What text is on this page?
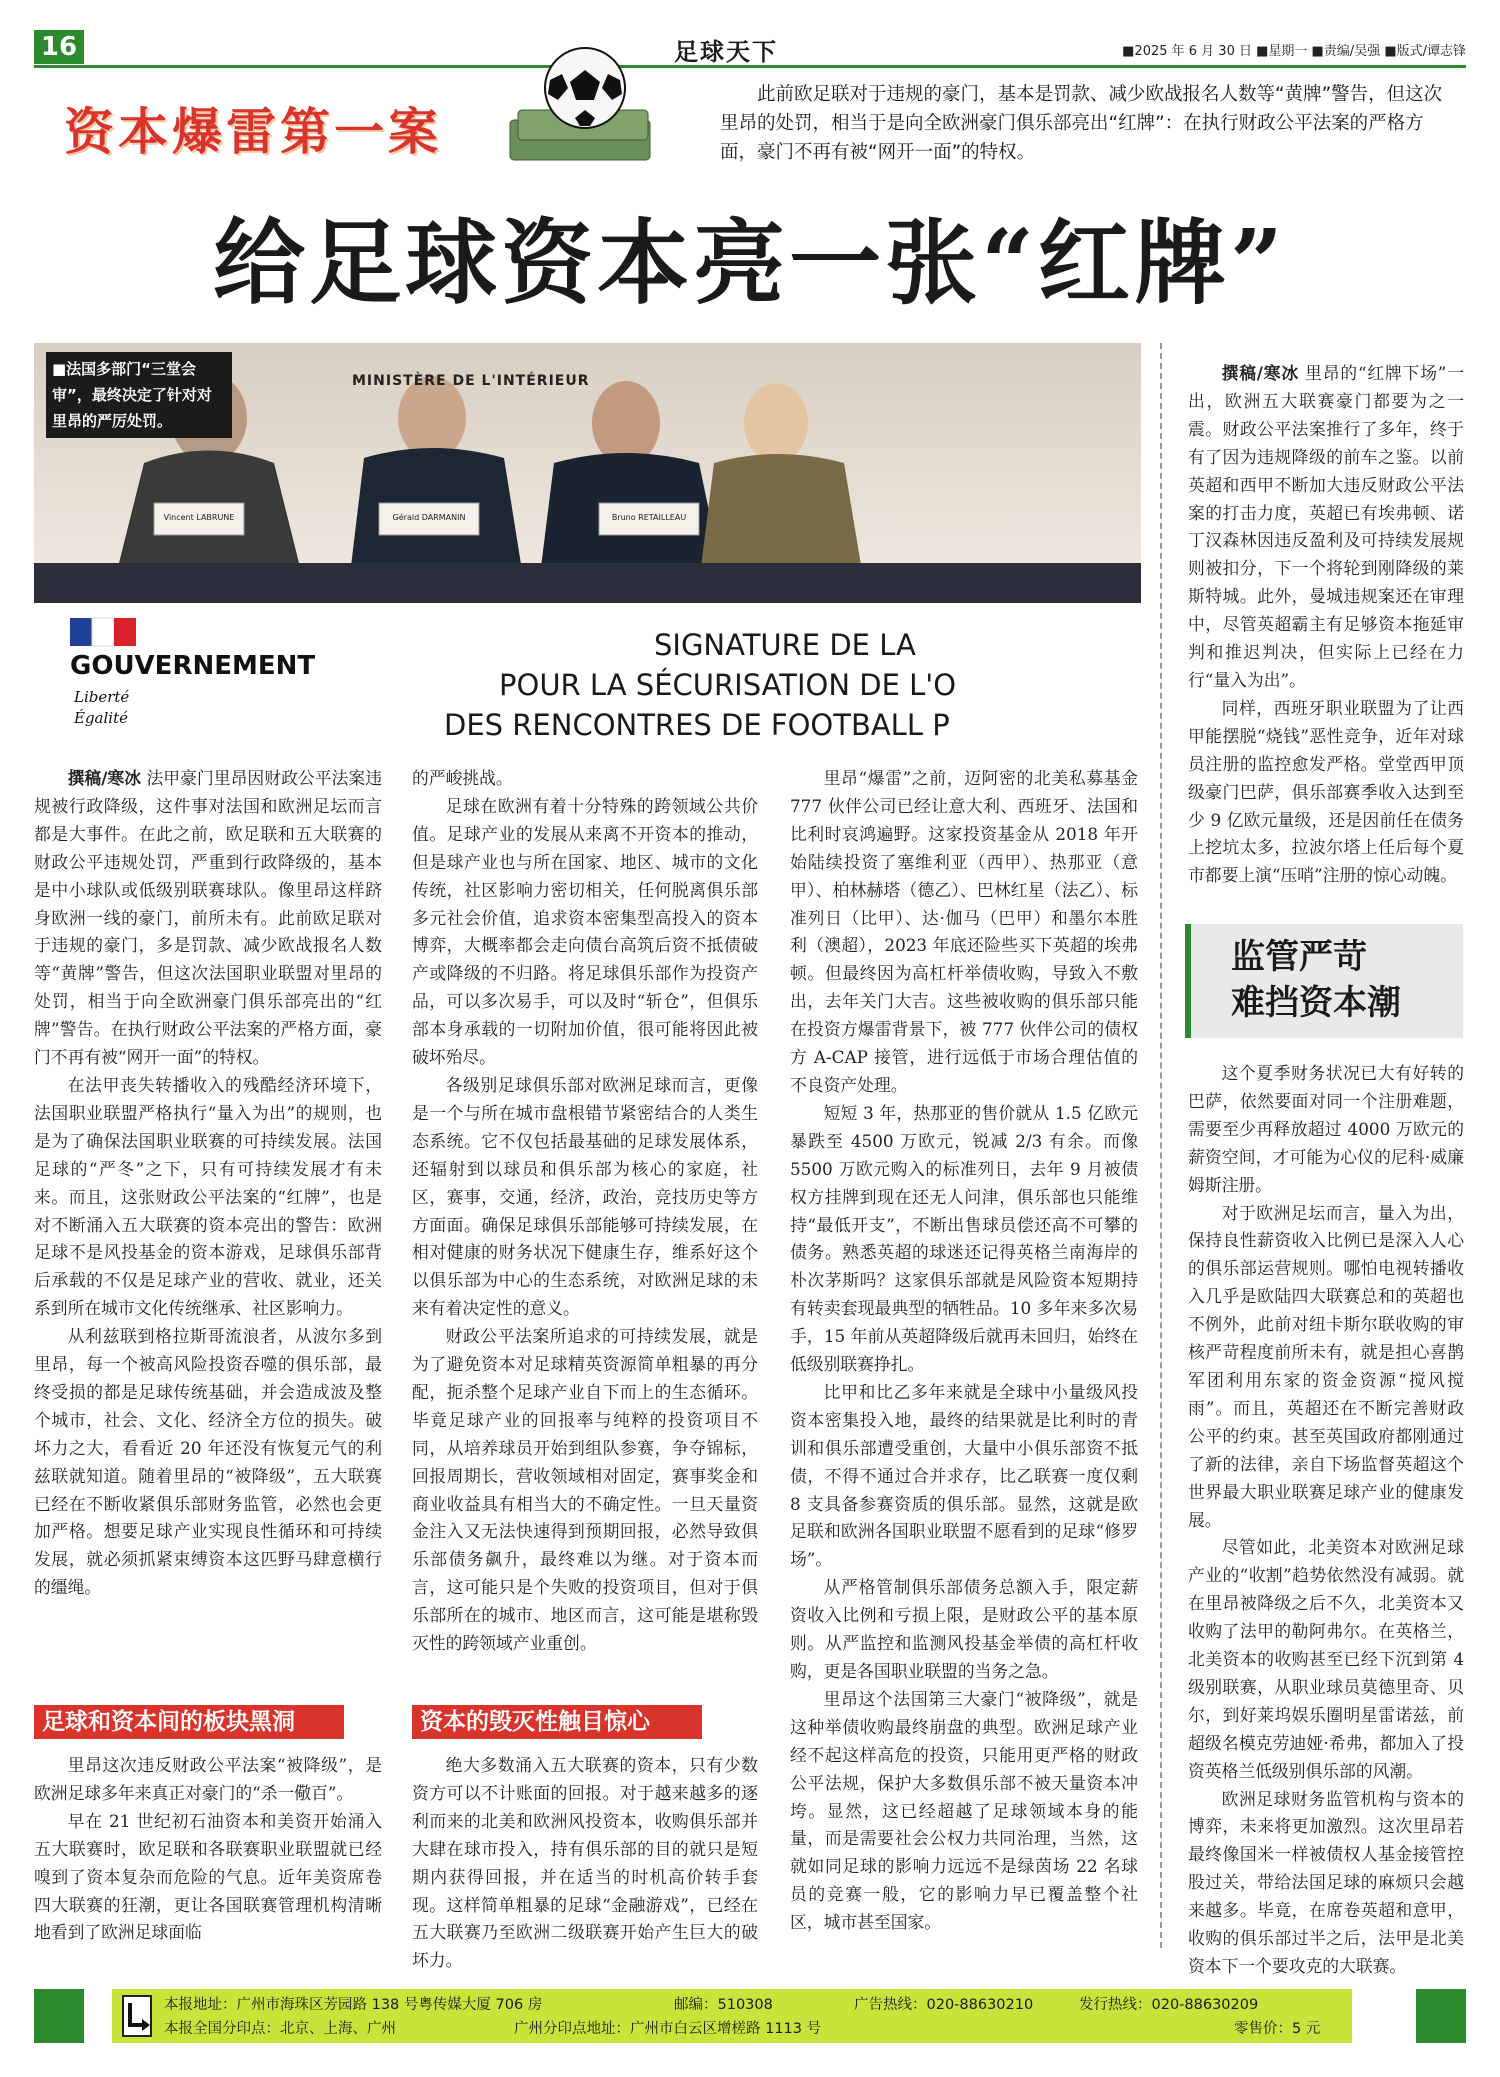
16	足球天下	■2025 年 6 月 30 日 ■星期一 ■责编/吴强 ■版式/谭志锋
资本爆雷第一案
此前欧足联对于违规的豪门，基本是罚款、减少欧战报名人数等“黄牌”警告，但这次里昂的处罚，相当于是向全欧洲豪门俱乐部亮出“红牌”：在执行财政公平法案的严格方面，豪门不再有被“网开一面”的特权。
给足球资本亮一张“红牌”
MINISTÈRE DE L'INTÉRIEUR
Vincent LABRUNE	Gérald DARMANIN	Bruno RETAILLEAU
GOUVERNEMENT
Liberté
Égalité
SIGNATURE DE LA
POUR LA SÉCURISATION DE L'O
DES RENCONTRES DE FOOTBALL P
■法国多部门“三堂会审”，最终决定了针对对里昂的严厉处罚。

撰稿/寒冰 法甲豪门里昂因财政公平法案违规被行政降级，这件事对法国和欧洲足坛而言都是大事件。在此之前，欧足联和五大联赛的财政公平违规处罚，严重到行政降级的，基本是中小球队或低级别联赛球队。像里昂这样跻身欧洲一线的豪门，前所未有。此前欧足联对于违规的豪门，多是罚款、减少欧战报名人数等“黄牌”警告，但这次法国职业联盟对里昂的处罚，相当于向全欧洲豪门俱乐部亮出的“红牌”警告。在执行财政公平法案的严格方面，豪门不再有被“网开一面”的特权。

在法甲丧失转播收入的残酷经济环境下，法国职业联盟严格执行“量入为出”的规则，也是为了确保法国职业联赛的可持续发展。法国足球的“严冬”之下，只有可持续发展才有未来。而且，这张财政公平法案的“红牌”，也是对不断涌入五大联赛的资本亮出的警告：欧洲足球不是风投基金的资本游戏，足球俱乐部背后承载的不仅是足球产业的营收、就业，还关系到所在城市文化传统继承、社区影响力。

从利兹联到格拉斯哥流浪者，从波尔多到里昂，每一个被高风险投资吞噬的俱乐部，最终受损的都是足球传统基础，并会造成波及整个城市，社会、文化、经济全方位的损失。破坏力之大，看看近 20 年还没有恢复元气的利兹联就知道。随着里昂的“被降级”，五大联赛已经在不断收紧俱乐部财务监管，必然也会更加严格。想要足球产业实现良性循环和可持续发展，就必须抓紧束缚资本这匹野马肆意横行的缰绳。

足球和资本间的板块黑洞

里昂这次违反财政公平法案“被降级”，是欧洲足球多年来真正对豪门的“杀一儆百”。

早在 21 世纪初石油资本和美资开始涌入五大联赛时，欧足联和各联赛职业联盟就已经嗅到了资本复杂而危险的气息。近年美资席卷四大联赛的狂潮，更让各国联赛管理机构清晰地看到了欧洲足球面临

的严峻挑战。

足球在欧洲有着十分特殊的跨领域公共价值。足球产业的发展从来离不开资本的推动，但是球产业也与所在国家、地区、城市的文化传统，社区影响力密切相关，任何脱离俱乐部多元社会价值，追求资本密集型高投入的资本博弈，大概率都会走向债台高筑后资不抵债破产或降级的不归路。将足球俱乐部作为投资产品，可以多次易手，可以及时“斩仓”，但俱乐部本身承载的一切附加价值，很可能将因此被破坏殆尽。

各级别足球俱乐部对欧洲足球而言，更像是一个与所在城市盘根错节紧密结合的人类生态系统。它不仅包括最基础的足球发展体系，还辐射到以球员和俱乐部为核心的家庭，社区，赛事，交通，经济，政治，竞技历史等方方面面。确保足球俱乐部能够可持续发展，在相对健康的财务状况下健康生存，维系好这个以俱乐部为中心的生态系统，对欧洲足球的未来有着决定性的意义。

财政公平法案所追求的可持续发展，就是为了避免资本对足球精英资源简单粗暴的再分配，扼杀整个足球产业自下而上的生态循环。毕竟足球产业的回报率与纯粹的投资项目不同，从培养球员开始到组队参赛，争夺锦标，回报周期长，营收领域相对固定，赛事奖金和商业收益具有相当大的不确定性。一旦天量资金注入又无法快速得到预期回报，必然导致俱乐部债务飙升，最终难以为继。对于资本而言，这可能只是个失败的投资项目，但对于俱乐部所在的城市、地区而言，这可能是堪称毁灭性的跨领域产业重创。

资本的毁灭性触目惊心

绝大多数涌入五大联赛的资本，只有少数资方可以不计账面的回报。对于越来越多的逐利而来的北美和欧洲风投资本，收购俱乐部并大肆在球市投入，持有俱乐部的目的就只是短期内获得回报，并在适当的时机高价转手套现。这样简单粗暴的足球“金融游戏”，已经在五大联赛乃至欧洲二级联赛开始产生巨大的破坏力。

里昂“爆雷”之前，迈阿密的北美私募基金 777 伙伴公司已经让意大利、西班牙、法国和比利时哀鸿遍野。这家投资基金从 2018 年开始陆续投资了塞维利亚（西甲）、热那亚（意甲）、柏林赫塔（德乙）、巴林红星（法乙）、标准列日（比甲）、达·伽马（巴甲）和墨尔本胜利（澳超），2023 年底还险些买下英超的埃弗顿。但最终因为高杠杆举债收购，导致入不敷出，去年关门大吉。这些被收购的俱乐部只能在投资方爆雷背景下，被 777 伙伴公司的债权方 A-CAP 接管，进行远低于市场合理估值的不良资产处理。

短短 3 年，热那亚的售价就从 1.5 亿欧元暴跌至 4500 万欧元，锐减 2/3 有余。而像 5500 万欧元购入的标准列日，去年 9 月被债权方挂牌到现在还无人问津，俱乐部也只能维持“最低开支”，不断出售球员偿还高不可攀的债务。熟悉英超的球迷还记得英格兰南海岸的朴次茅斯吗？这家俱乐部就是风险资本短期持有转卖套现最典型的牺牲品。10 多年来多次易手，15 年前从英超降级后就再未回归，始终在低级别联赛挣扎。

比甲和比乙多年来就是全球中小量级风投资本密集投入地，最终的结果就是比利时的青训和俱乐部遭受重创，大量中小俱乐部资不抵债，不得不通过合并求存，比乙联赛一度仅剩 8 支具备参赛资质的俱乐部。显然，这就是欧足联和欧洲各国职业联盟不愿看到的足球“修罗场”。

从严格管制俱乐部债务总额入手，限定薪资收入比例和亏损上限，是财政公平的基本原则。从严监控和监测风投基金举债的高杠杆收购，更是各国职业联盟的当务之急。

里昂这个法国第三大豪门“被降级”，就是这种举债收购最终崩盘的典型。欧洲足球产业经不起这样高危的投资，只能用更严格的财政公平法规，保护大多数俱乐部不被天量资本冲垮。显然，这已经超越了足球领域本身的能量，而是需要社会公权力共同治理，当然，这就如同足球的影响力远远不是绿茵场 22 名球员的竞赛一般，它的影响力早已覆盖整个社区，城市甚至国家。

撰稿/寒冰 里昂的“红牌下场”一出，欧洲五大联赛豪门都要为之一震。财政公平法案推行了多年，终于有了因为违规降级的前车之鉴。以前英超和西甲不断加大违反财政公平法案的打击力度，英超已有埃弗顿、诺丁汉森林因违反盈利及可持续发展规则被扣分，下一个将轮到刚降级的莱斯特城。此外，曼城违规案还在审理中，尽管英超霸主有足够资本拖延审判和推迟判决，但实际上已经在力行“量入为出”。

同样，西班牙职业联盟为了让西甲能摆脱“烧钱”恶性竞争，近年对球员注册的监控愈发严格。堂堂西甲顶级豪门巴萨，俱乐部赛季收入达到至少 9 亿欧元量级，还是因前任在债务上挖坑太多，拉波尔塔上任后每个夏市都要上演“压哨”注册的惊心动魄。

监管严苛
难挡资本潮

这个夏季财务状况已大有好转的巴萨，依然要面对同一个注册难题，需要至少再释放超过 4000 万欧元的薪资空间，才可能为心仪的尼科·威廉姆斯注册。

对于欧洲足坛而言，量入为出，保持良性薪资收入比例已是深入人心的俱乐部运营规则。哪怕电视转播收入几乎是欧陆四大联赛总和的英超也不例外，此前对纽卡斯尔联收购的审核严苛程度前所未有，就是担心喜鹊军团利用东家的资金资源“搅风搅雨”。而且，英超还在不断完善财政公平的约束。甚至英国政府都刚通过了新的法律，亲自下场监督英超这个世界最大职业联赛足球产业的健康发展。

尽管如此，北美资本对欧洲足球产业的“收割”趋势依然没有减弱。就在里昂被降级之后不久，北美资本又收购了法甲的勒阿弗尔。在英格兰，北美资本的收购甚至已经下沉到第 4 级别联赛，从职业球员莫德里奇、贝尔，到好莱坞娱乐圈明星雷诺兹，前超级名模克劳迪娅·希弗，都加入了投资英格兰低级别俱乐部的风潮。

欧洲足球财务监管机构与资本的博弈，未来将更加激烈。这次里昂若最终像国米一样被债权人基金接管控股过关，带给法国足球的麻烦只会越来越多。毕竟，在席卷英超和意甲，收购的俱乐部过半之后，法甲是北美资本下一个要攻克的大联赛。

本报地址：广州市海珠区芳园路 138 号粤传媒大厦 706 房	邮编：510308	广告热线：020-88630210	发行热线：020-88630209
本报全国分印点：北京、上海、广州	广州分印点地址：广州市白云区增槎路 1113 号	零售价：5 元
